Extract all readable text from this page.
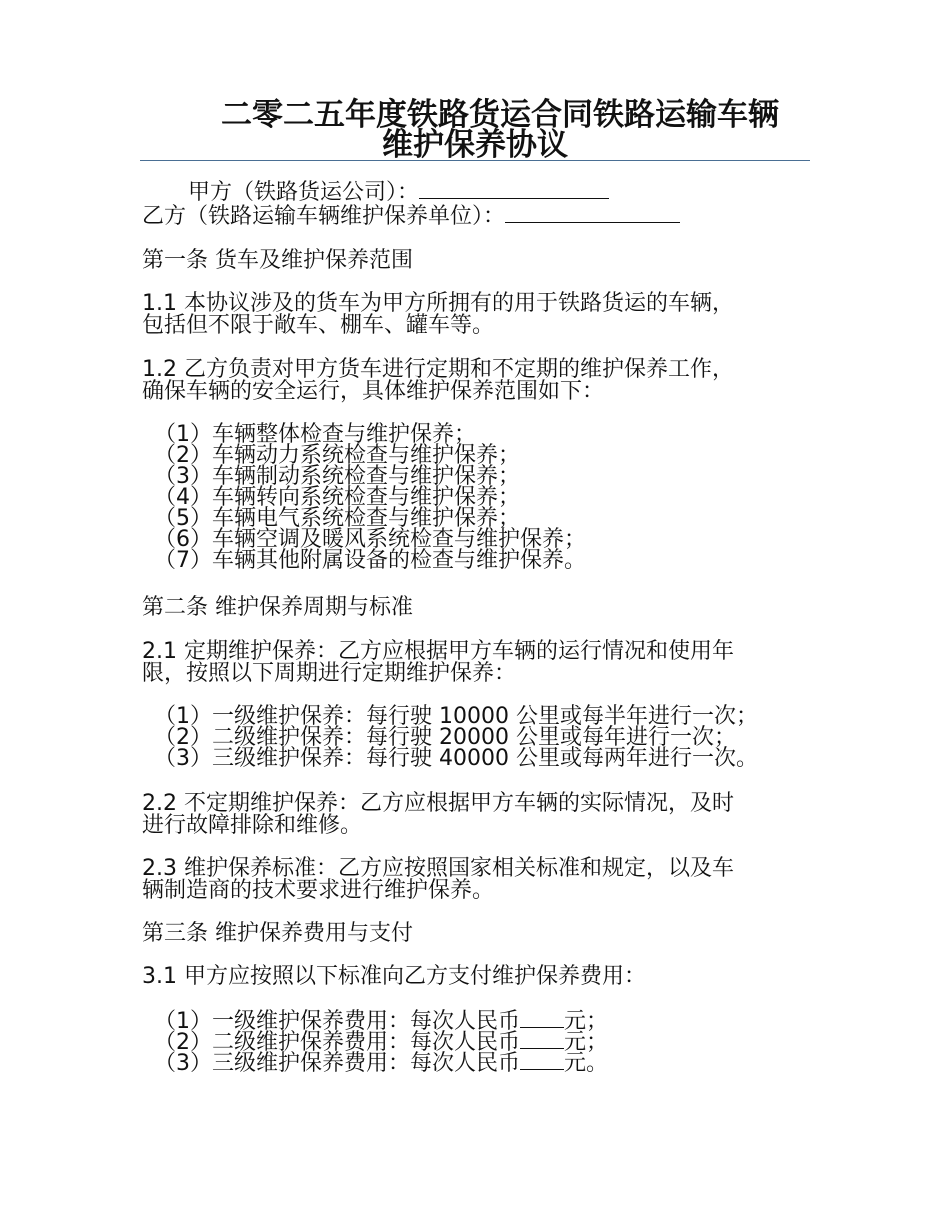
二零二五年度铁路货运合同铁路运输车辆
维护保养协议

甲方（铁路货运公司）：

乙方（铁路运输车辆维护保养单位）：

第一条 货车及维护保养范围

1.1 本协议涉及的货车为甲方所拥有的用于铁路货运的车辆，

包括但不限于敞车、棚车、罐车等。

1.2 乙方负责对甲方货车进行定期和不定期的维护保养工作，

确保车辆的安全运行，具体维护保养范围如下：

（1）车辆整体检查与维护保养；
（2）车辆动力系统检查与维护保养；
（3）车辆制动系统检查与维护保养；
（4）车辆转向系统检查与维护保养；
（5）车辆电气系统检查与维护保养；
（6）车辆空调及暖风系统检查与维护保养；
（7）车辆其他附属设备的检查与维护保养。

第二条 维护保养周期与标准

2.1 定期维护保养：乙方应根据甲方车辆的运行情况和使用年

限，按照以下周期进行定期维护保养：

（1）一级维护保养：每行驶 10000 公里或每半年进行一次；
（2）二级维护保养：每行驶 20000 公里或每年进行一次；
（3）三级维护保养：每行驶 40000 公里或每两年进行一次。

2.2 不定期维护保养：乙方应根据甲方车辆的实际情况，及时

进行故障排除和维修。

2.3 维护保养标准：乙方应按照国家相关标准和规定，以及车

辆制造商的技术要求进行维护保养。

第三条 维护保养费用与支付

3.1 甲方应按照以下标准向乙方支付维护保养费用：

（1）一级维护保养费用：每次人民币 元；
（2）二级维护保养费用：每次人民币 元；
（3）三级维护保养费用：每次人民币 元。
